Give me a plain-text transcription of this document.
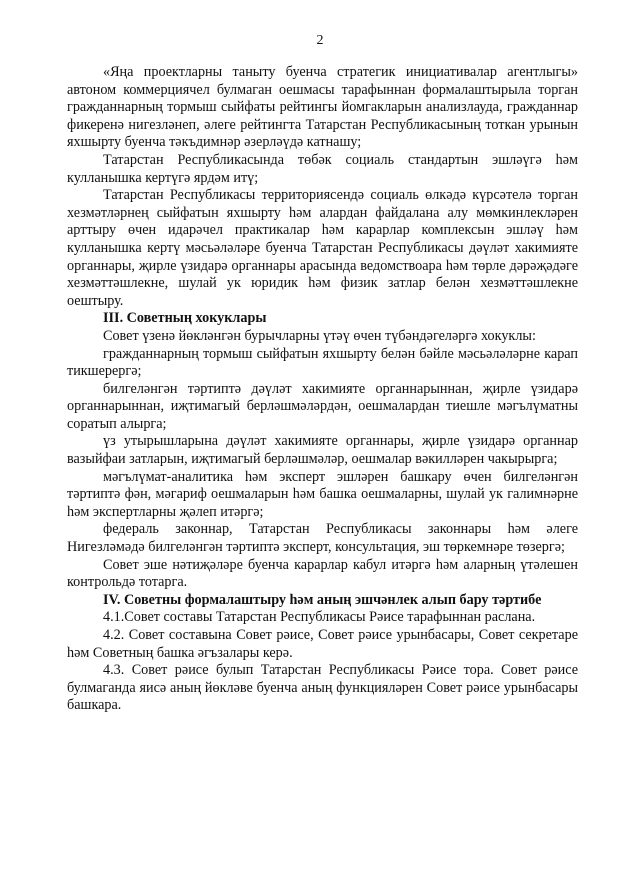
2

«Яңа проектларны таныту буенча стратегик инициативалар агентлыгы» автоном коммерциячел булмаган оешмасы тарафыннан формалаштырыла торган гражданнарның тормыш сыйфаты рейтингы йомгакларын анализлауда, гражданнар фикеренә нигезләнеп, әлеге рейтингта Татарстан Республикасының тоткан урынын яхшырту буенча тәкъдимнәр әзерләүдә катнашу;

Татарстан Республикасында төбәк социаль стандартын эшләүгә һәм кулланышка кертүгә ярдәм итү;

Татарстан Республикасы территориясендә социаль өлкәдә күрсәтелә торган хезмәтләрнең сыйфатын яхшырту һәм алардан файдалана алу мөмкинлекләрен арттыру өчен идарәчел практикалар һәм карарлар комплексын эшләү һәм кулланышка кертү мәсьәләләре буенча Татарстан Республикасы дәүләт хакимияте органнары, җирле үзидарә органнары арасында ведомствоара һәм төрле дәрәҗәдәге хезмәттәшлекне, шулай ук юридик һәм физик затлар белән хезмәттәшлекне оештыру.

III. Советның хокуклары

Совет үзенә йөкләнгән бурычларны үтәү өчен түбәндәгеләргә хокуклы:

гражданнарның тормыш сыйфатын яхшырту белән бәйле мәсьәләләрне карап тикшерергә;

билгеләнгән тәртиптә дәүләт хакимияте органнарыннан, җирле үзидарә органнарыннан, иҗтимагый берләшмәләрдән, оешмалардан тиешле мәгълүматны соратып алырга;

үз утырышларына дәүләт хакимияте органнары, җирле үзидарә органнар вазыйфаи затларын, иҗтимагый берләшмәләр, оешмалар вәкилләрен чакырырга;

мәгълүмат-аналитика һәм эксперт эшләрен башкару өчен билгеләнгән тәртиптә фән, мәгариф оешмаларын һәм башка оешмаларны, шулай ук галимнәрне һәм экспертларны җәлеп итәргә;

федераль законнар, Татарстан Республикасы законнары һәм әлеге Нигезләмәдә билгеләнгән тәртиптә эксперт, консультация, эш төркемнәре төзергә;

Совет эше нәтиҗәләре буенча карарлар кабул итәргә һәм аларның үтәлешен контрольдә тотарга.

IV. Советны формалаштыру һәм аның эшчәнлек алып бару тәртибе

4.1.Совет составы Татарстан Республикасы Рәисе тарафыннан раслана.

4.2. Совет составына Совет рәисе, Совет рәисе урынбасары, Совет секретаре һәм Советның башка әгъзалары керә.

4.3. Совет рәисе булып Татарстан Республикасы Рәисе тора. Совет рәисе булмаганда яисә аның йөкләве буенча аның функцияләрен Совет рәисе урынбасары башкара.
